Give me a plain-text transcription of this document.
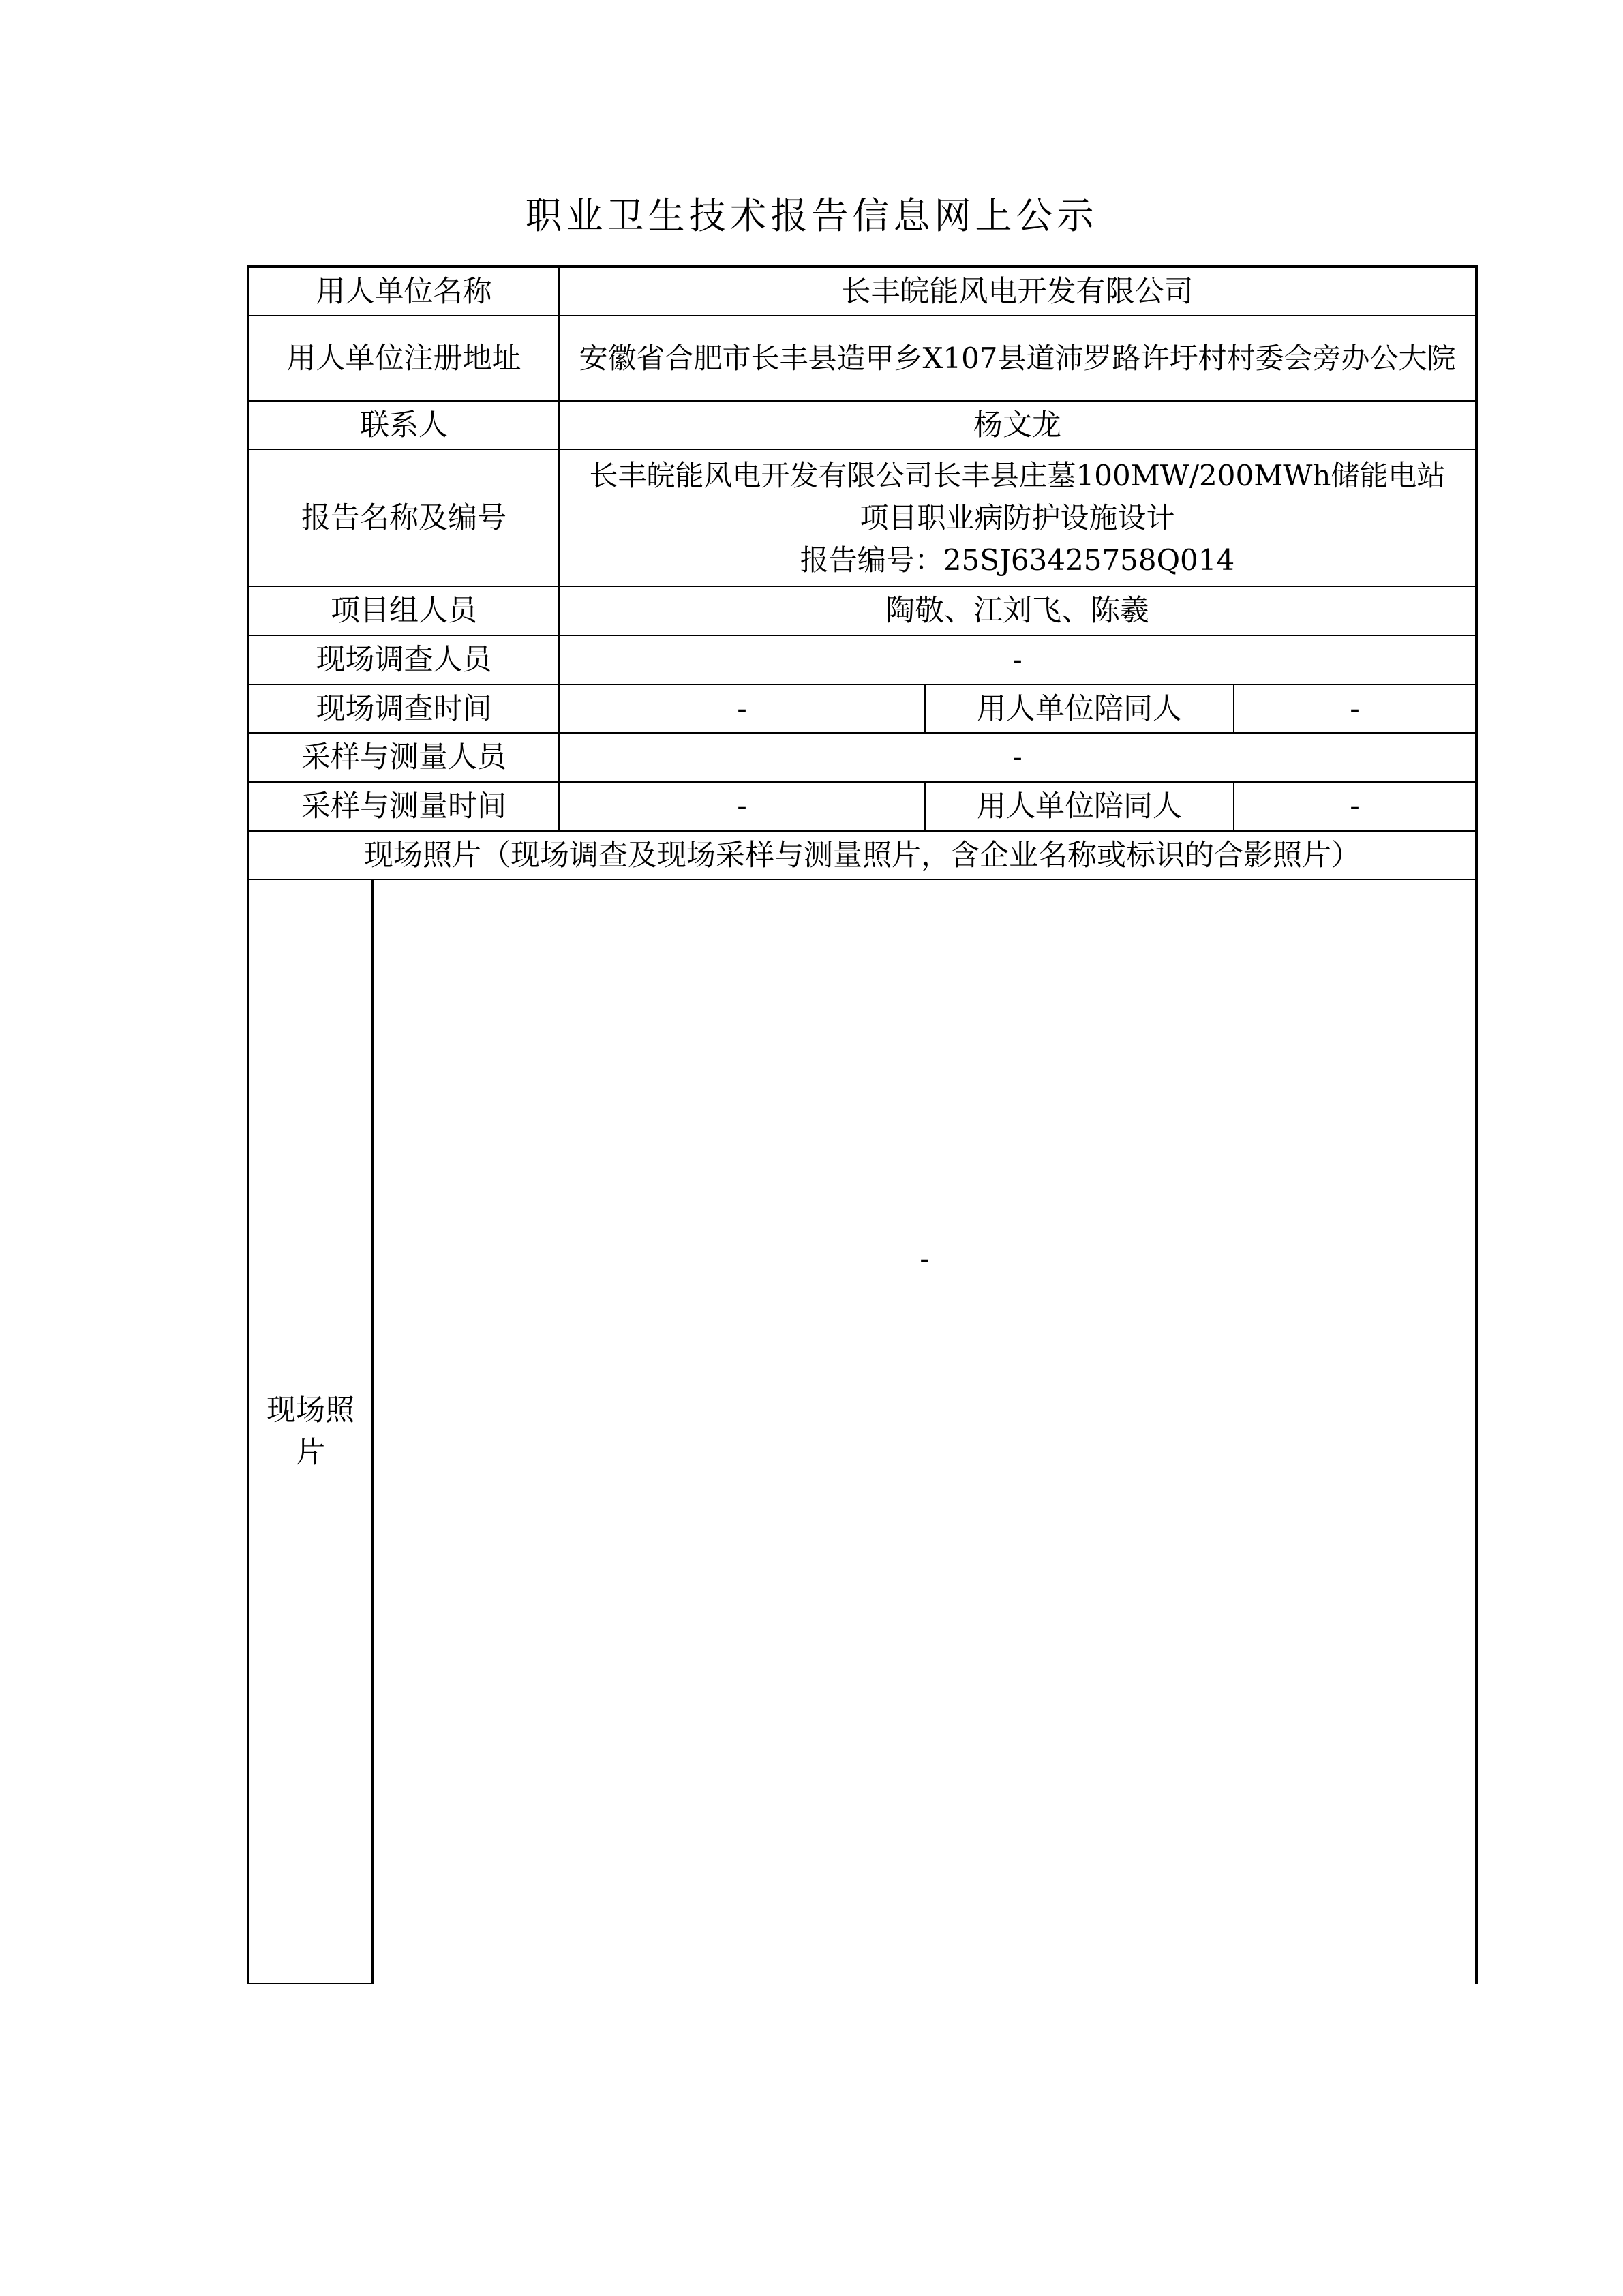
职业卫生技术报告信息网上公示
用人单位名称		长丰皖能风电开发有限公司		
用人单位注册地址		安徽省合肥市长丰县造甲乡X107县道沛罗路许圩村村委会旁办公大院		
联系人		杨文龙		
报告名称及编号		长丰皖能风电开发有限公司长丰县庄墓100MW/200MWh储能电站
项目职业病防护设施设计
报告编号：25SJ63425758Q014		

项目组人员		陶敬、江刘飞、陈羲		
现场调查人员		-		
现场调查时间		-	用人单位陪同人	-
采样与测量人员		-		
采样与测量时间		-	用人单位陪同人	-
现场照片（现场调查及现场采样与测量照片，含企业名称或标识的合影照片）				
现场照片	-			
